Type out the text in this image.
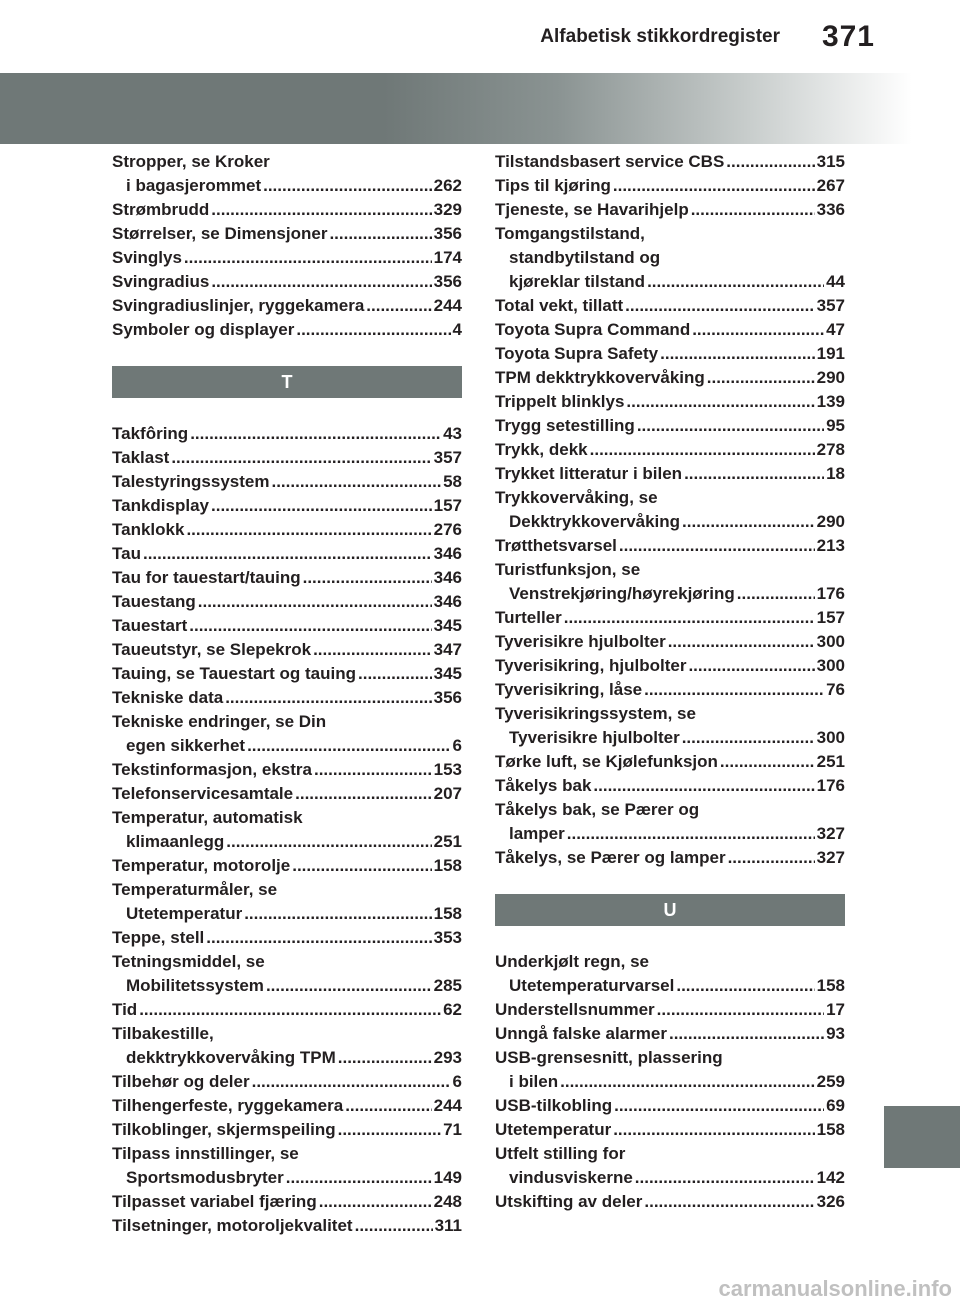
Alfabetisk stikkordregister 371
Stropper, se Kroker
i bagasjerommet .....	262
Strømbrudd .....	329
Størrelser, se Dimensjoner .....	356
Svinglys .....	174
Svingradius .....	356
Svingradiuslinjer, ryggekamera .....	244
Symboler og displayer .....	4
T
Takfôring .....	43
Taklast .....	357
Talestyringssystem .....	58
Tankdisplay .....	157
Tanklokk .....	276
Tau .....	346
Tau for tauestart/tauing .....	346
Tauestang .....	346
Tauestart .....	345
Taueutstyr, se Slepekrok .....	347
Tauing, se Tauestart og tauing .....	345
Tekniske data .....	356
Tekniske endringer, se Din
egen sikkerhet .....	6
Tekstinformasjon, ekstra .....	153
Telefonservicesamtale .....	207
Temperatur, automatisk
klimaanlegg .....	251
Temperatur, motorolje .....	158
Temperaturmåler, se
Utetemperatur .....	158
Teppe, stell .....	353
Tetningsmiddel, se
Mobilitetssystem .....	285
Tid .....	62
Tilbakestille,
dekktrykkovervåking TPM .....	293
Tilbehør og deler .....	6
Tilhengerfeste, ryggekamera .....	244
Tilkoblinger, skjermspeiling .....	71
Tilpass innstillinger, se
Sportsmodusbryter .....	149
Tilpasset variabel fjæring .....	248
Tilsetninger, motoroljekvalitet .....	311
Tilstandsbasert service CBS .....	315
Tips til kjøring .....	267
Tjeneste, se Havarihjelp .....	336
Tomgangstilstand,
standbytilstand og
kjøreklar tilstand .....	44
Total vekt, tillatt .....	357
Toyota Supra Command .....	47
Toyota Supra Safety .....	191
TPM dekktrykkovervåking .....	290
Trippelt blinklys .....	139
Trygg setestilling .....	95
Trykk, dekk .....	278
Trykket litteratur i bilen .....	18
Trykkovervåking, se
Dekktrykkovervåking .....	290
Trøtthetsvarsel .....	213
Turistfunksjon, se
Venstrekjøring/høyrekjøring .....	176
Turteller .....	157
Tyverisikre hjulbolter .....	300
Tyverisikring, hjulbolter .....	300
Tyverisikring, låse .....	76
Tyverisikringssystem, se
Tyverisikre hjulbolter .....	300
Tørke luft, se Kjølefunksjon .....	251
Tåkelys bak .....	176
Tåkelys bak, se Pærer og
lamper .....	327
Tåkelys, se Pærer og lamper .....	327
U
Underkjølt regn, se
Utetemperaturvarsel .....	158
Understellsnummer .....	17
Unngå falske alarmer .....	93
USB-grensesnitt, plassering
i bilen .....	259
USB-tilkobling .....	69
Utetemperatur .....	158
Utfelt stilling for
vindusviskerne .....	142
Utskifting av deler .....	326
carmanualsonline.info
